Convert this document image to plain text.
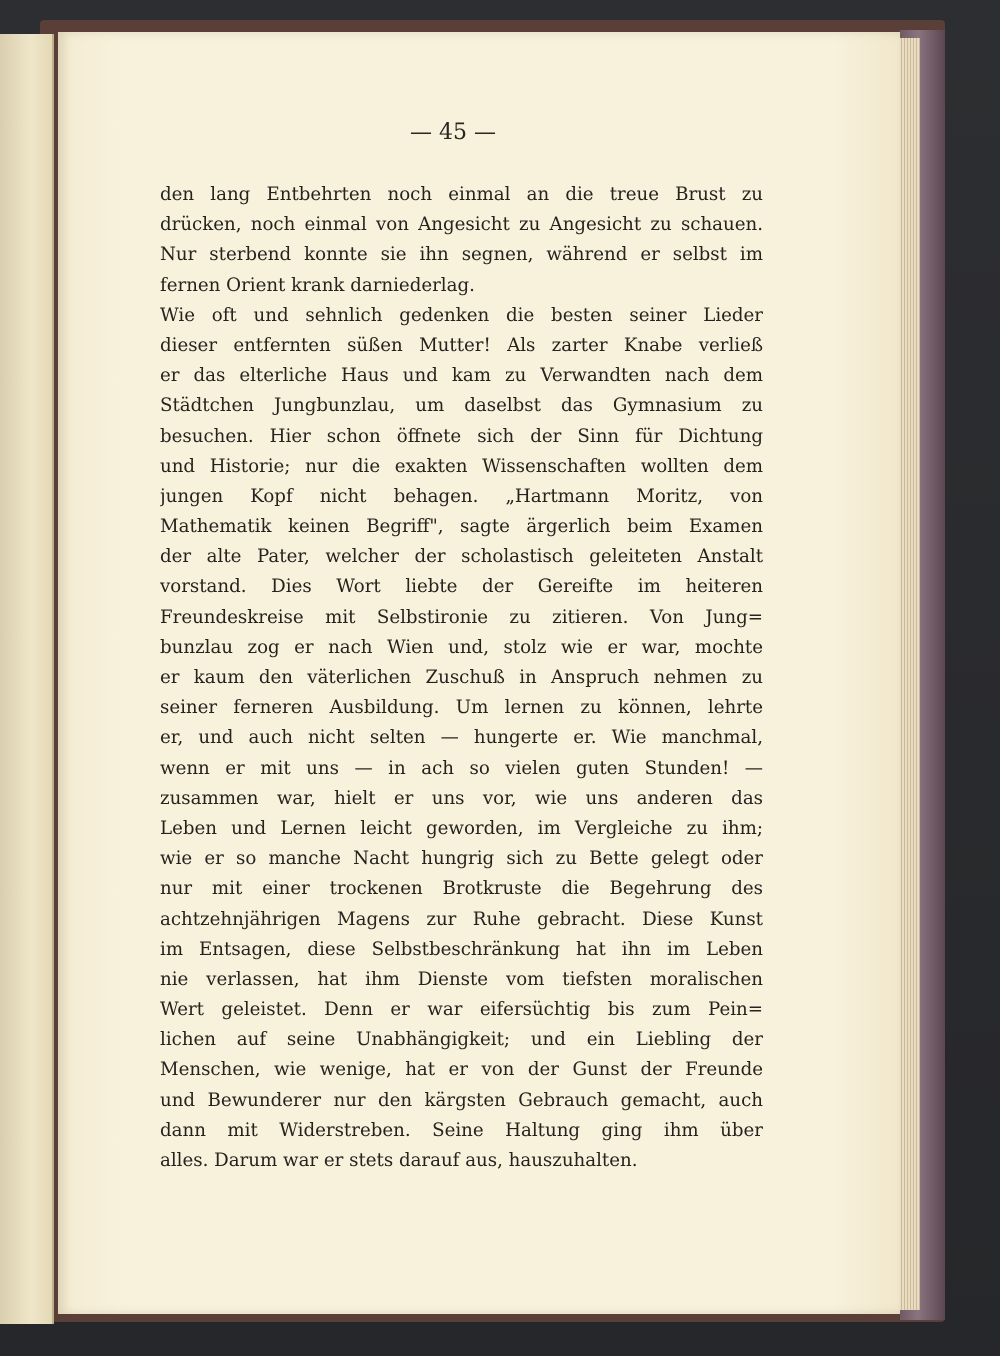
— 45 —
den lang Entbehrten noch einmal an die treue Brust zu
drücken, noch einmal von Angesicht zu Angesicht zu schauen.
Nur sterbend konnte sie ihn segnen, während er selbst im
fernen Orient krank darniederlag.
Wie oft und sehnlich gedenken die besten seiner Lieder
dieser entfernten süßen Mutter! Als zarter Knabe verließ
er das elterliche Haus und kam zu Verwandten nach dem
Städtchen Jungbunzlau, um daselbst das Gymnasium zu
besuchen. Hier schon öffnete sich der Sinn für Dichtung
und Historie; nur die exakten Wissenschaften wollten dem
jungen Kopf nicht behagen. „Hartmann Moritz, von
Mathematik keinen Begriff", sagte ärgerlich beim Examen
der alte Pater, welcher der scholastisch geleiteten Anstalt
vorstand. Dies Wort liebte der Gereifte im heiteren
Freundeskreise mit Selbstironie zu zitieren. Von Jung=
bunzlau zog er nach Wien und, stolz wie er war, mochte
er kaum den väterlichen Zuschuß in Anspruch nehmen zu
seiner ferneren Ausbildung. Um lernen zu können, lehrte
er, und auch nicht selten — hungerte er. Wie manchmal,
wenn er mit uns — in ach so vielen guten Stunden! —
zusammen war, hielt er uns vor, wie uns anderen das
Leben und Lernen leicht geworden, im Vergleiche zu ihm;
wie er so manche Nacht hungrig sich zu Bette gelegt oder
nur mit einer trockenen Brotkruste die Begehrung des
achtzehnjährigen Magens zur Ruhe gebracht. Diese Kunst
im Entsagen, diese Selbstbeschränkung hat ihn im Leben
nie verlassen, hat ihm Dienste vom tiefsten moralischen
Wert geleistet. Denn er war eifersüchtig bis zum Pein=
lichen auf seine Unabhängigkeit; und ein Liebling der
Menschen, wie wenige, hat er von der Gunst der Freunde
und Bewunderer nur den kärgsten Gebrauch gemacht, auch
dann mit Widerstreben. Seine Haltung ging ihm über
alles. Darum war er stets darauf aus, hauszuhalten.
